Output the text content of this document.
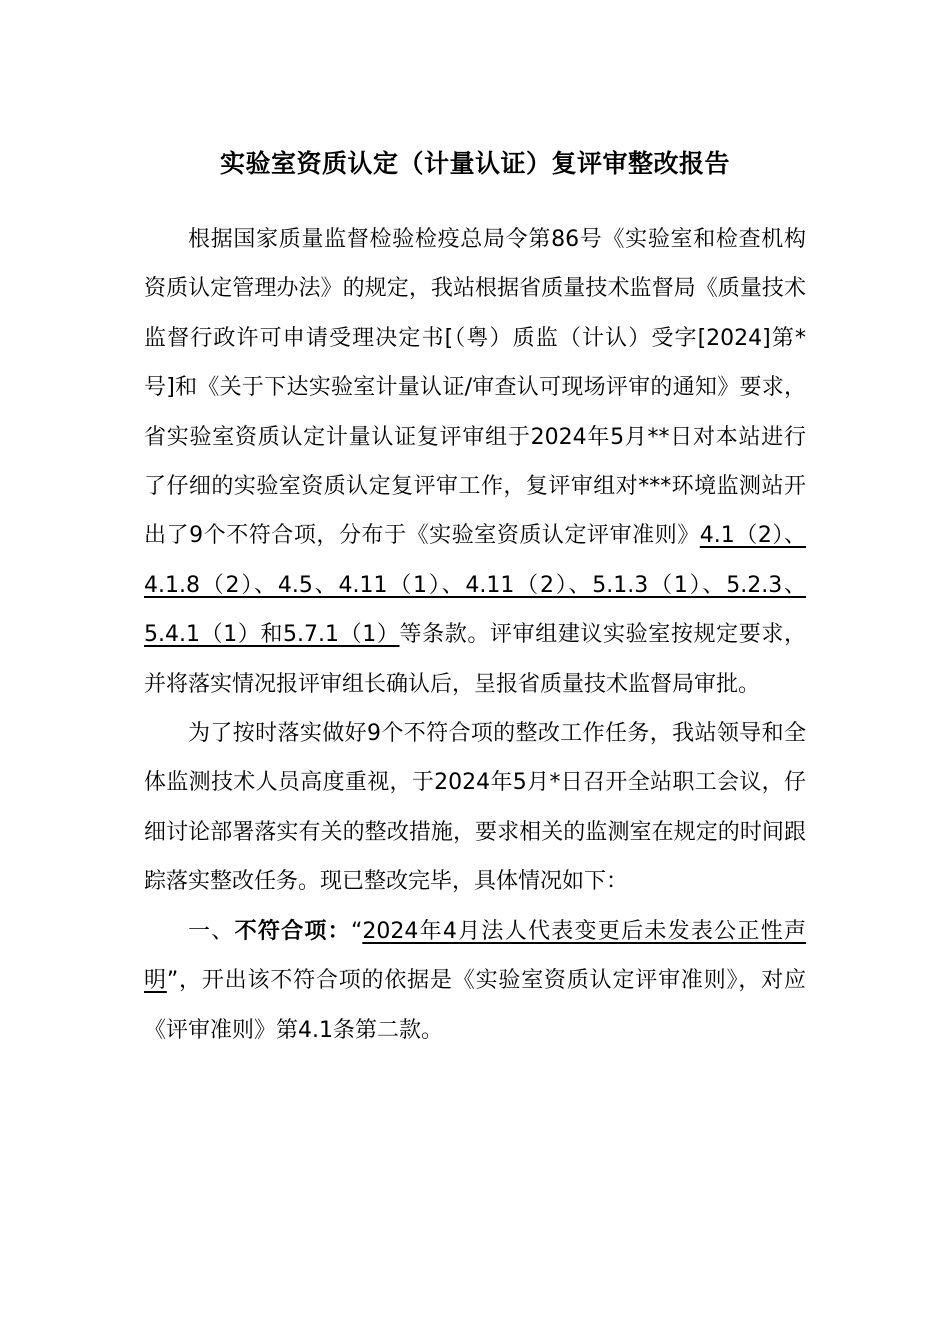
实验室资质认定（计量认证）复评审整改报告

根据国家质量监督检验检疫总局令第86号《实验室和检查机构资质认定管理办法》的规定，我站根据省质量技术监督局《质量技术监督行政许可申请受理决定书[（粤）质监（计认）受字[2024]第*号]和《关于下达实验室计量认证/审查认可现场评审的通知》要求，省实验室资质认定计量认证复评审组于2024年5月**日对本站进行了仔细的实验室资质认定复评审工作，复评审组对***环境监测站开出了9个不符合项，分布于《实验室资质认定评审准则》4.1（2）、4.1.8（2）、4.5、4.11（1）、4.11（2）、5.1.3（1）、5.2.3、5.4.1（1）和5.7.1（1）等条款。评审组建议实验室按规定要求，并将落实情况报评审组长确认后，呈报省质量技术监督局审批。

为了按时落实做好9个不符合项的整改工作任务，我站领导和全体监测技术人员高度重视，于2024年5月*日召开全站职工会议，仔细讨论部署落实有关的整改措施，要求相关的监测室在规定的时间跟踪落实整改任务。现已整改完毕，具体情况如下：

一、不符合项：“2024年4月法人代表变更后未发表公正性声明”，开出该不符合项的依据是《实验室资质认定评审准则》，对应《评审准则》第4.1条第二款。
